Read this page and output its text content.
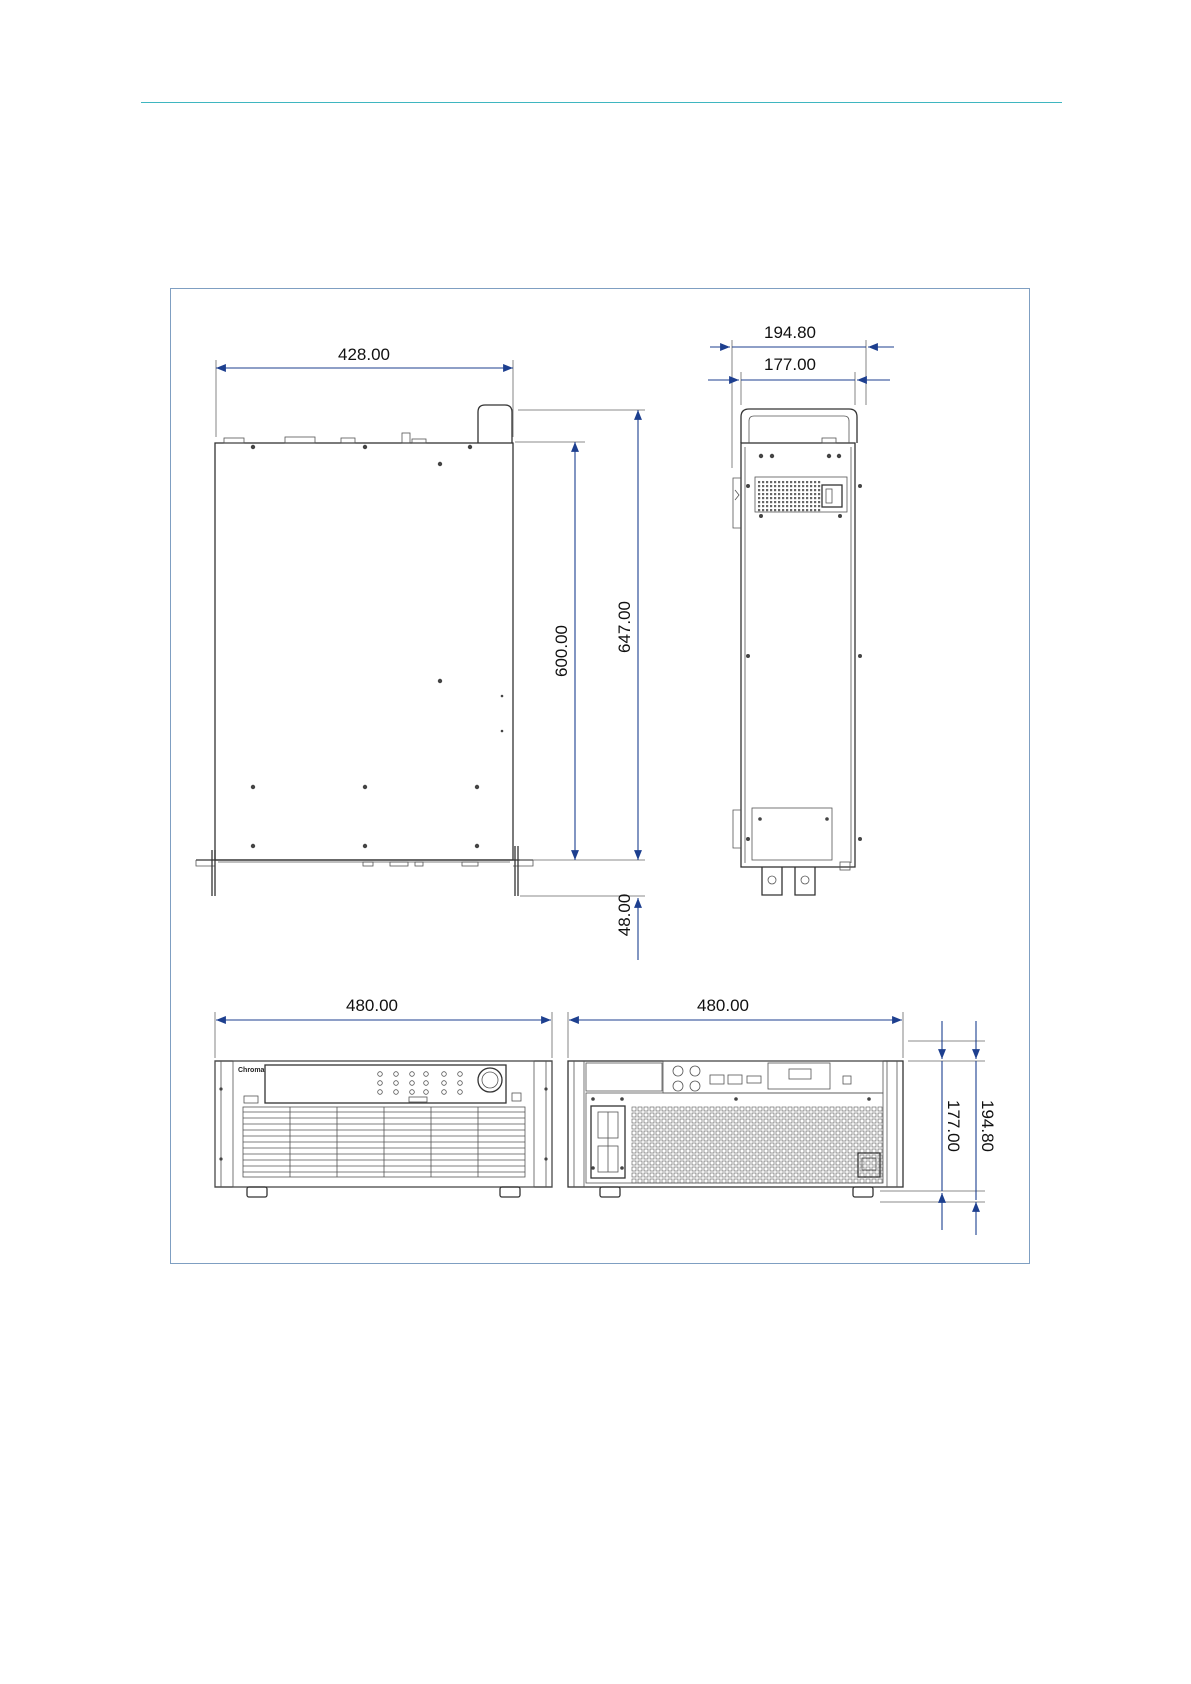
428.00
600.00	647.00
48.00
194.80
177.00
Chroma
480.00	480.00
177.00 194.80
